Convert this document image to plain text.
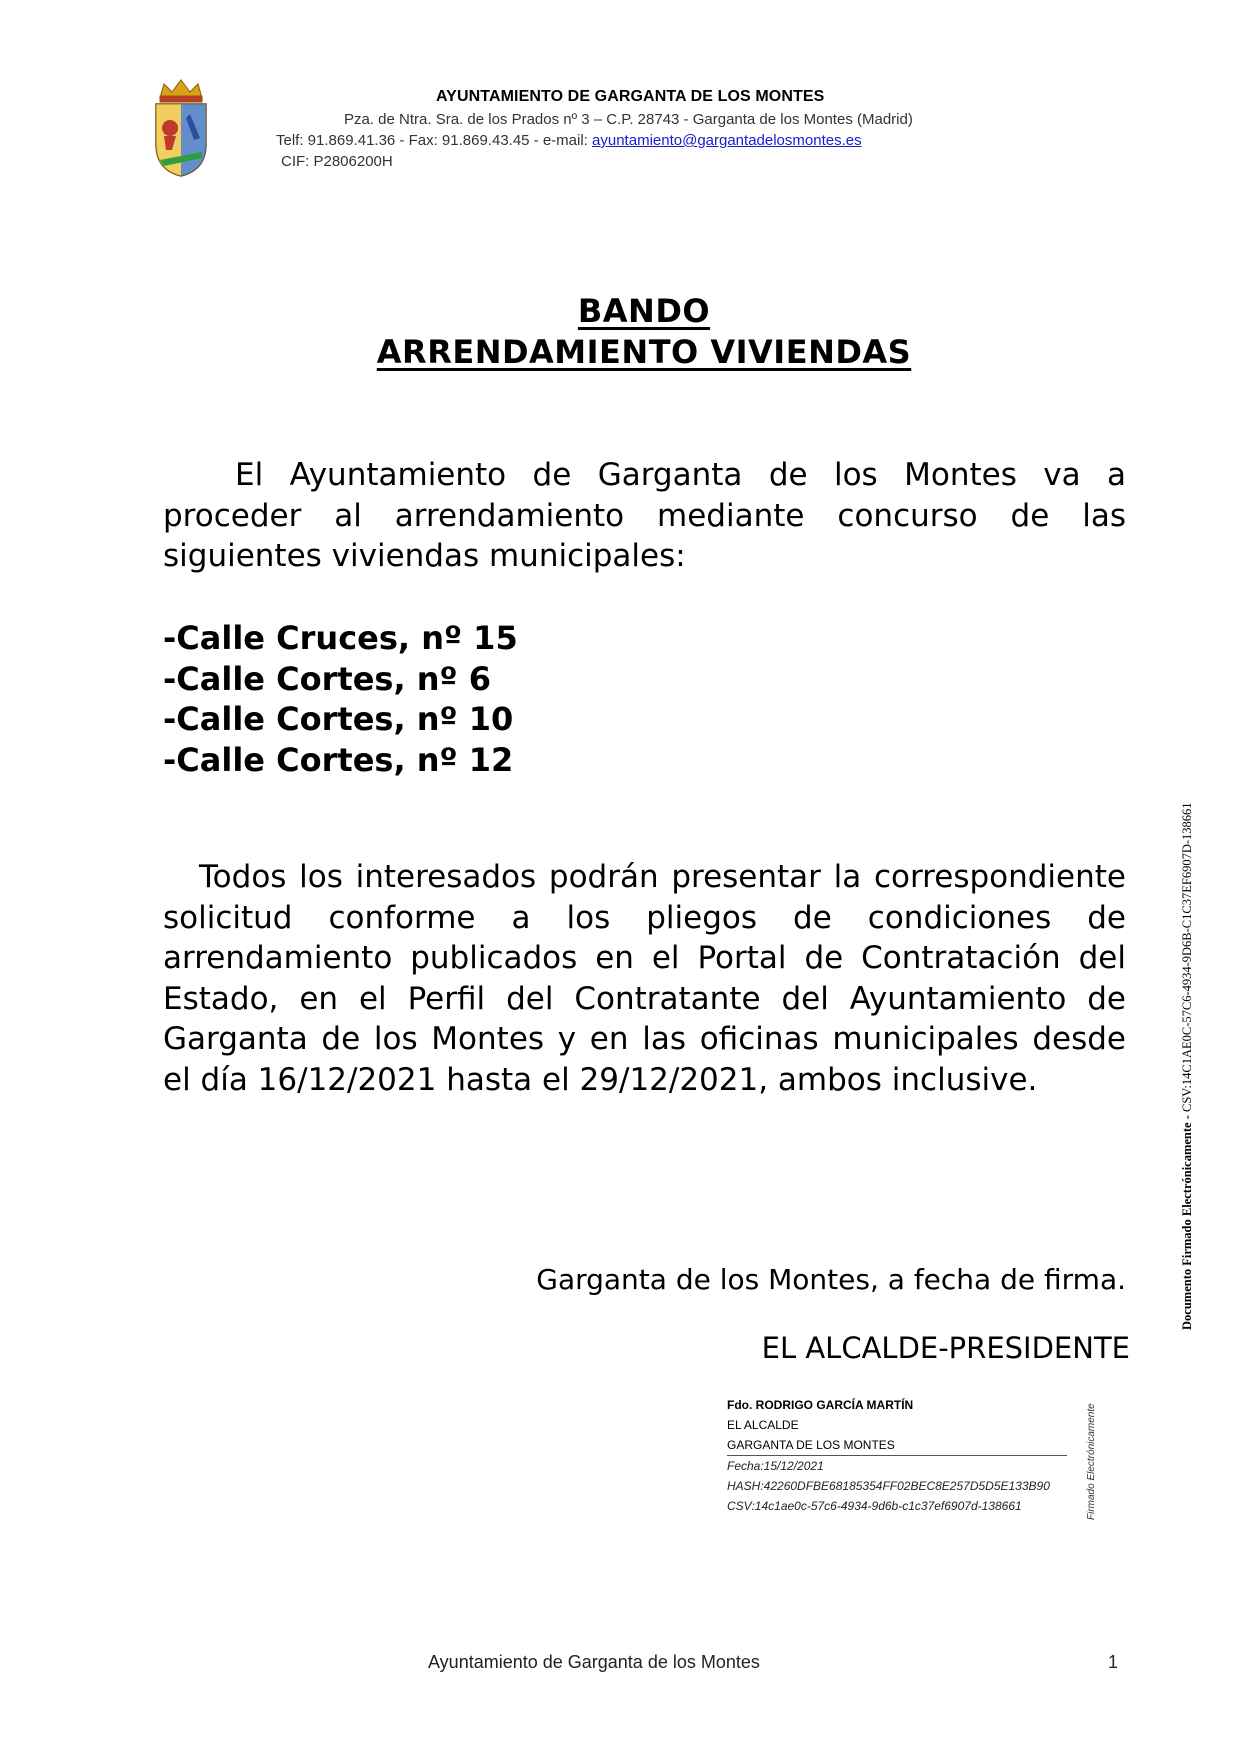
AYUNTAMIENTO DE GARGANTA DE LOS MONTES
Pza. de Ntra. Sra. de los Prados nº 3 – C.P. 28743 - Garganta de los Montes (Madrid)
Telf: 91.869.41.36 - Fax: 91.869.43.45 - e-mail: ayuntamiento@gargantadelosmontes.es
CIF: P2806200H
BANDO
ARRENDAMIENTO VIVIENDAS
El Ayuntamiento de Garganta de los Montes va a proceder al arrendamiento mediante concurso de las siguientes viviendas municipales:
-Calle Cruces, nº 15
-Calle Cortes, nº 6
-Calle Cortes, nº 10
-Calle Cortes, nº 12
Todos los interesados podrán presentar la correspondiente solicitud conforme a los pliegos de condiciones de arrendamiento publicados en el Portal de Contratación del Estado, en el Perfil del Contratante del Ayuntamiento de Garganta de los Montes y en las oficinas municipales desde el día 16/12/2021 hasta el 29/12/2021, ambos inclusive.
Garganta de los Montes, a fecha de firma.
EL ALCALDE-PRESIDENTE
Fdo. RODRIGO GARCÍA MARTÍN
EL ALCALDE
GARGANTA DE LOS MONTES
Fecha:15/12/2021
HASH:42260DFBE68185354FF02BEC8E257D5D5E133B90
CSV:14c1ae0c-57c6-4934-9d6b-c1c37ef6907d-138661	Firmado Electrónicamente
Documento Firmado Electrónicamente - CSV:14C1AE0C-57C6-4934-9D6B-C1C37EF6907D-138661
Ayuntamiento de Garganta de los Montes	1
